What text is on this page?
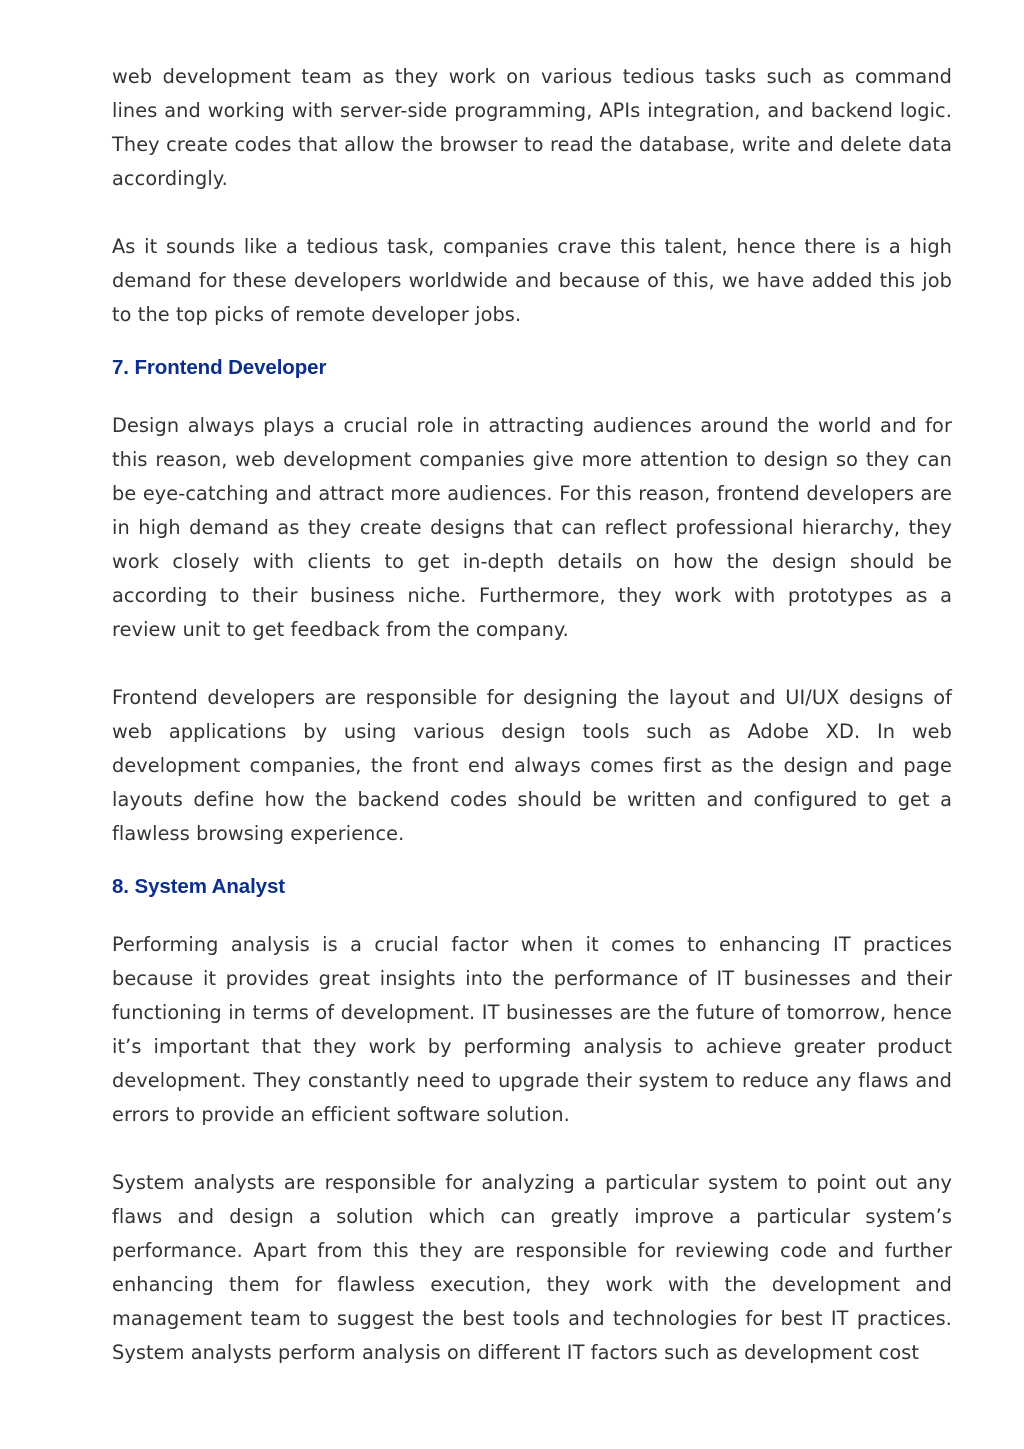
web development team as they work on various tedious tasks such as command lines and working with server-side programming, APIs integration, and backend logic. They create codes that allow the browser to read the database, write and delete data accordingly.

As it sounds like a tedious task, companies crave this talent, hence there is a high demand for these developers worldwide and because of this, we have added this job to the top picks of remote developer jobs.

7. Frontend Developer

Design always plays a crucial role in attracting audiences around the world and for this reason, web development companies give more attention to design so they can be eye-catching and attract more audiences. For this reason, frontend developers are in high demand as they create designs that can reflect professional hierarchy, they work closely with clients to get in-depth details on how the design should be according to their business niche. Furthermore, they work with prototypes as a review unit to get feedback from the company.

Frontend developers are responsible for designing the layout and UI/UX designs of web applications by using various design tools such as Adobe XD. In web development companies, the front end always comes first as the design and page layouts define how the backend codes should be written and configured to get a flawless browsing experience.

8. System Analyst

Performing analysis is a crucial factor when it comes to enhancing IT practices because it provides great insights into the performance of IT businesses and their functioning in terms of development. IT businesses are the future of tomorrow, hence it’s important that they work by performing analysis to achieve greater product development. They constantly need to upgrade their system to reduce any flaws and errors to provide an efficient software solution.

System analysts are responsible for analyzing a particular system to point out any flaws and design a solution which can greatly improve a particular system’s performance. Apart from this they are responsible for reviewing code and further enhancing them for flawless execution, they work with the development and management team to suggest the best tools and technologies for best IT practices. System analysts perform analysis on different IT factors such as development cost
